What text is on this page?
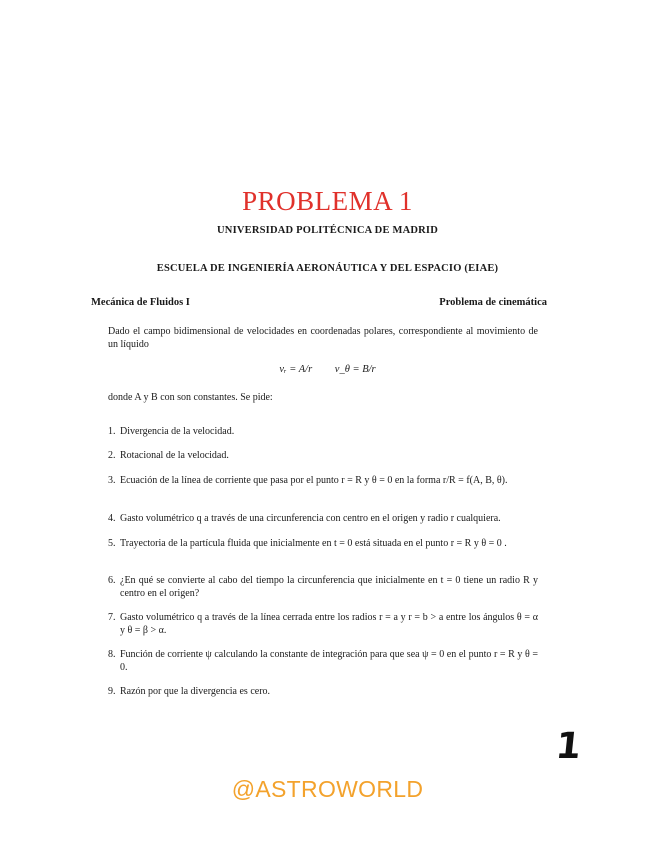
PROBLEMA 1
UNIVERSIDAD POLITÉCNICA DE MADRID
ESCUELA DE INGENIERÍA AERONÁUTICA Y DEL ESPACIO (EIAE)
Mecánica de Fluidos I	Problema de cinemática
Dado el campo bidimensional de velocidades en coordenadas polares, correspondiente al movimiento de un líquido
vᵣ = A/r v_θ = B/r
donde A y B con son constantes. Se pide:
1. Divergencia de la velocidad.
2. Rotacional de la velocidad.
3. Ecuación de la línea de corriente que pasa por el punto r = R y θ = 0 en la forma r/R = f(A, B, θ).
4. Gasto volumétrico q a través de una circunferencia con centro en el origen y radio r cualquiera.
5. Trayectoria de la partícula fluida que inicialmente en t = 0 está situada en el punto r = R y θ = 0 .
6. ¿En qué se convierte al cabo del tiempo la circunferencia que inicialmente en t = 0 tiene un radio R y centro en el origen?
7. Gasto volumétrico q a través de la línea cerrada entre los radios r = a y r = b > a entre los ángulos θ = α y θ = β > α.
8. Función de corriente ψ calculando la constante de integración para que sea ψ = 0 en el punto r = R y θ = 0.
9. Razón por que la divergencia es cero.
1
@ASTROWORLD
